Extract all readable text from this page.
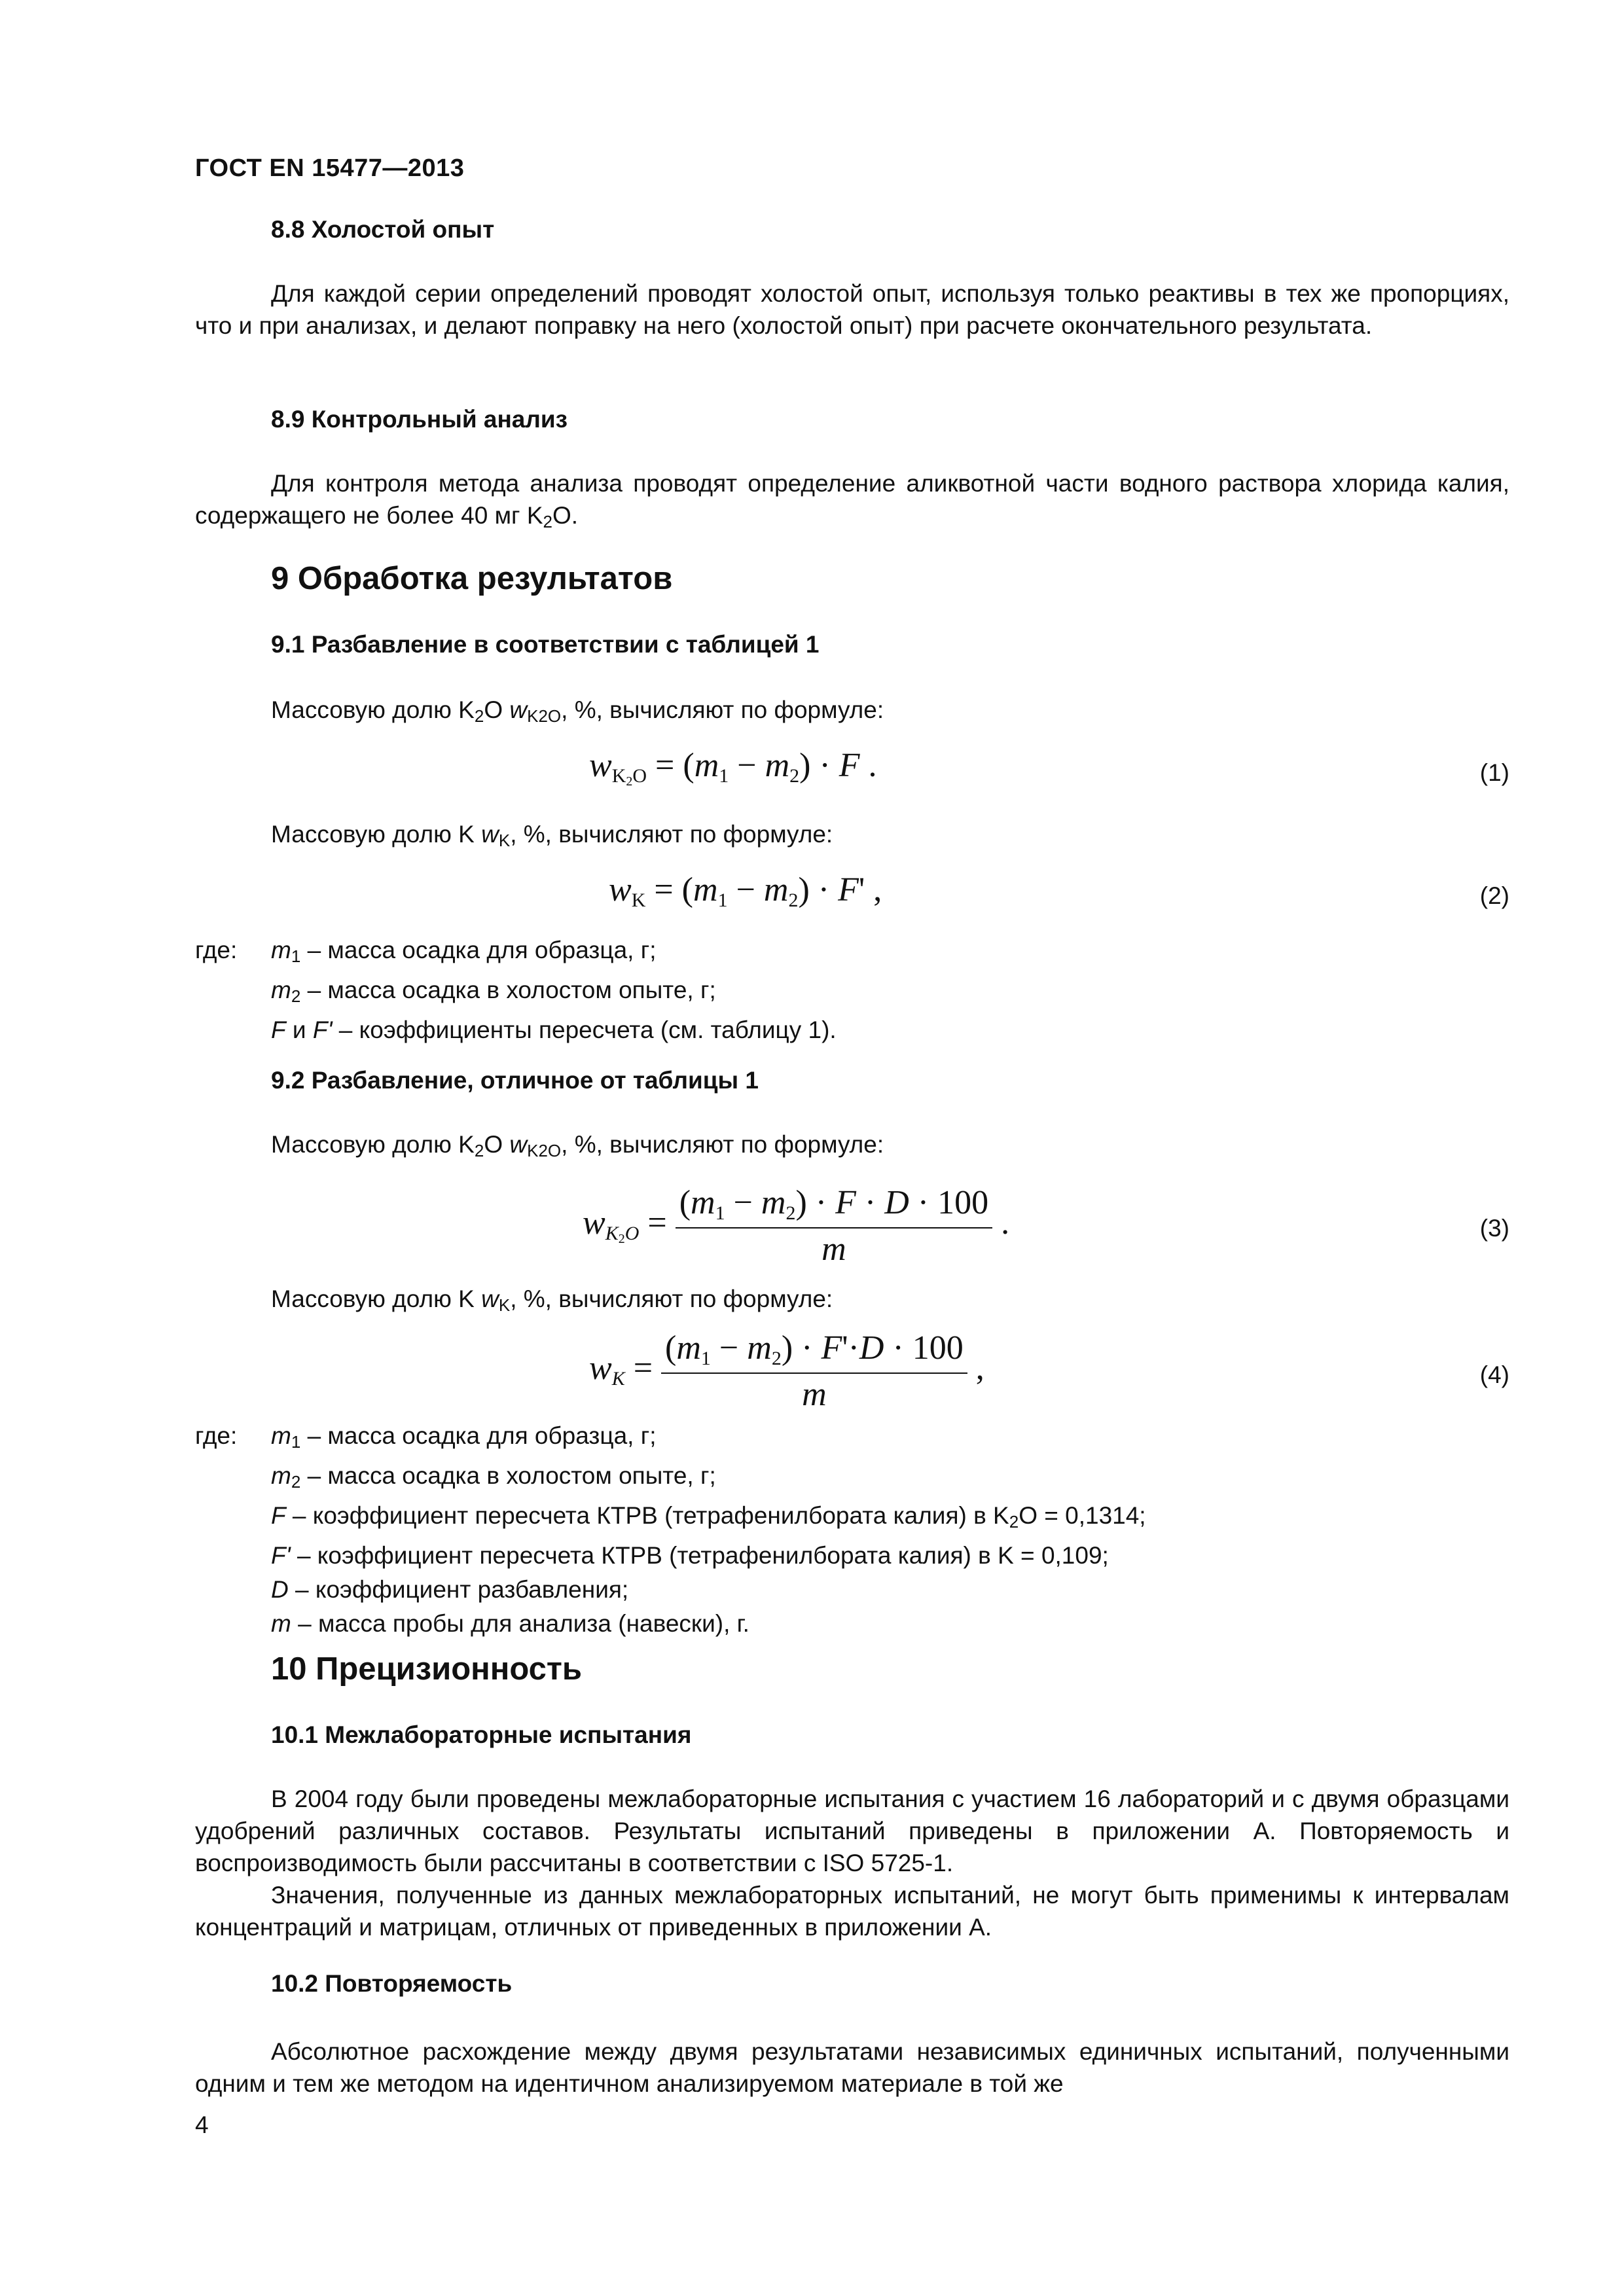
ГОСТ EN 15477—2013
8.8 Холостой опыт
Для каждой серии определений проводят холостой опыт, используя только реактивы в тех же пропорциях, что и при анализах, и делают поправку на него (холостой опыт) при расчете окончательного результата.
8.9 Контрольный анализ
Для контроля метода анализа проводят определение аликвотной части водного раствора хлорида калия, содержащего не более 40 мг $K_2O$.
9 Обработка результатов
9.1 Разбавление в соответствии с таблицей 1
Массовую долю $K_2O$ $w_{K2O}$, %, вычисляют по формуле:
$w_{K_2O} = (m_1 - m_2) \cdot F$ .	(1)
Массовую долю K $w_K$, %, вычисляют по формуле:
$w_K = (m_1 - m_2) \cdot F'$ ,	(2)
где: $m_1$ – масса осадка для образца, г;
$m_2$ – масса осадка в холостом опыте, г;
F и F' – коэффициенты пересчета (см. таблицу 1).
9.2 Разбавление, отличное от таблицы 1
Массовую долю $K_2O$ $w_{K2O}$, %, вычисляют по формуле:
$w_{K_2O} = \frac{(m_1 - m_2) \cdot F \cdot D \cdot 100}{m}$ .	(3)
Массовую долю K $w_K$, %, вычисляют по формуле:
$w_K = \frac{(m_1 - m_2) \cdot F'\cdot D \cdot 100}{m}$ ,	(4)
где: $m_1$ – масса осадка для образца, г;
$m_2$ – масса осадка в холостом опыте, г;
F – коэффициент пересчета КТРВ (тетрафенилбората калия) в $K_2O = 0,1314$;
F' – коэффициент пересчета КТРВ (тетрафенилбората калия) в K = 0,109;
D – коэффициент разбавления;
m – масса пробы для анализа (навески), г.
10 Прецизионность
10.1 Межлабораторные испытания
В 2004 году были проведены межлабораторные испытания с участием 16 лабораторий и с двумя образцами удобрений различных составов. Результаты испытаний приведены в приложении А. Повторяемость и воспроизводимость были рассчитаны в соответствии с ISO 5725-1.
Значения, полученные из данных межлабораторных испытаний, не могут быть применимы к интервалам концентраций и матрицам, отличных от приведенных в приложении А.
10.2 Повторяемость
Абсолютное расхождение между двумя результатами независимых единичных испытаний, полученными одним и тем же методом на идентичном анализируемом материале в той же
4
